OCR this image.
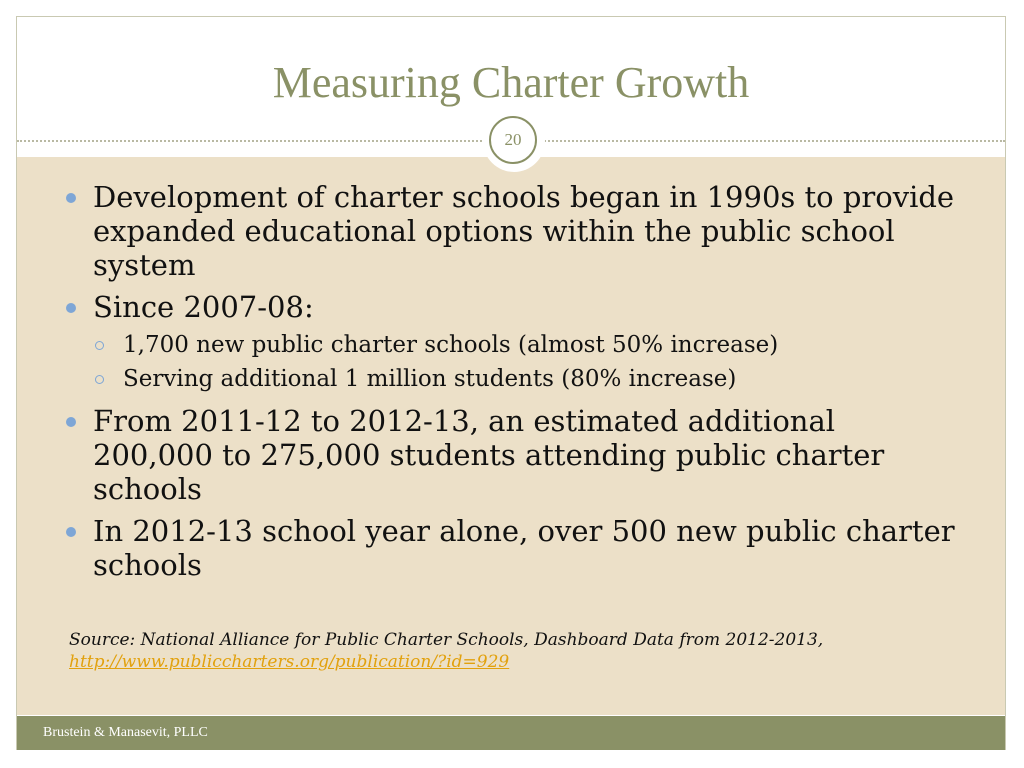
Measuring Charter Growth
20
Development of charter schools began in 1990s to provide expanded educational options within the public school system
Since 2007-08:
1,700 new public charter schools (almost 50% increase)
Serving additional 1 million students (80% increase)
From 2011-12 to 2012-13, an estimated additional 200,000 to 275,000 students attending public charter schools
In 2012-13 school year alone, over 500 new public charter schools
Source: National Alliance for Public Charter Schools, Dashboard Data from 2012-2013,
http://www.publiccharters.org/publication/?id=929
Brustein & Manasevit, PLLC
